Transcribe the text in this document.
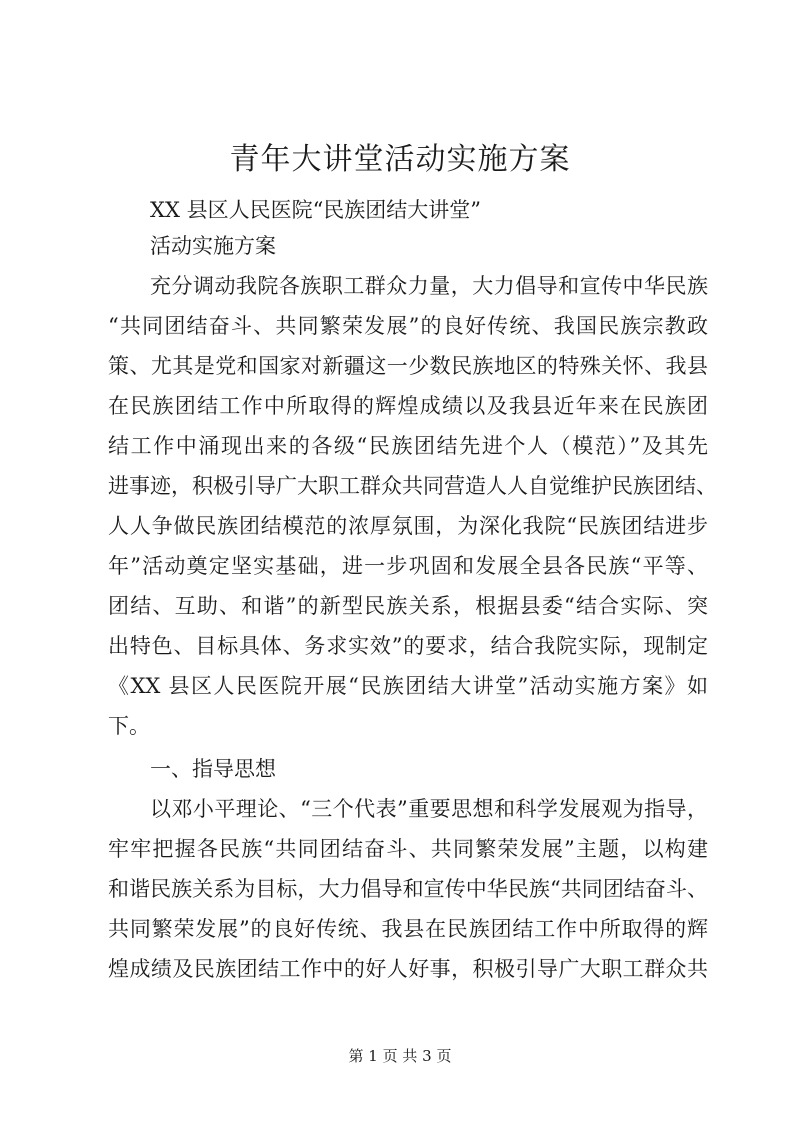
青年大讲堂活动实施方案
XX 县区人民医院“民族团结大讲堂”
活动实施方案
充分调动我院各族职工群众力量，大力倡导和宣传中华民族
“共同团结奋斗、共同繁荣发展”的良好传统、我国民族宗教政
策、尤其是党和国家对新疆这一少数民族地区的特殊关怀、我县
在民族团结工作中所取得的辉煌成绩以及我县近年来在民族团
结工作中涌现出来的各级“民族团结先进个人（模范）”及其先
进事迹，积极引导广大职工群众共同营造人人自觉维护民族团结、
人人争做民族团结模范的浓厚氛围，为深化我院“民族团结进步
年”活动奠定坚实基础，进一步巩固和发展全县各民族“平等、
团结、互助、和谐”的新型民族关系，根据县委“结合实际、突
出特色、目标具体、务求实效”的要求，结合我院实际，现制定
《XX 县区人民医院开展“民族团结大讲堂”活动实施方案》如
下。
一、指导思想
以邓小平理论、“三个代表”重要思想和科学发展观为指导，
牢牢把握各民族“共同团结奋斗、共同繁荣发展”主题，以构建
和谐民族关系为目标，大力倡导和宣传中华民族“共同团结奋斗、
共同繁荣发展”的良好传统、我县在民族团结工作中所取得的辉
煌成绩及民族团结工作中的好人好事，积极引导广大职工群众共
第 1 页 共 3 页
